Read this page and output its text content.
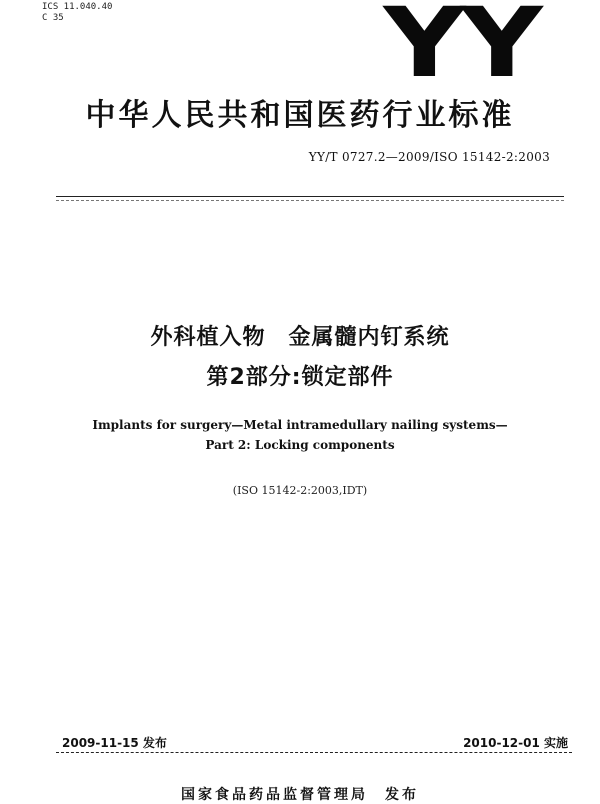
ICS 11.040.40
C 35	YY
中华人民共和国医药行业标准
YY/T 0727.2—2009/ISO 15142-2:2003
外科植入物　金属髓内钉系统
第2部分:锁定部件
Implants for surgery—Metal intramedullary nailing systems—
Part 2: Locking components
(ISO 15142-2:2003,IDT)
2009-11-15 发布	2010-12-01 实施
国家食品药品监督管理局　发布
